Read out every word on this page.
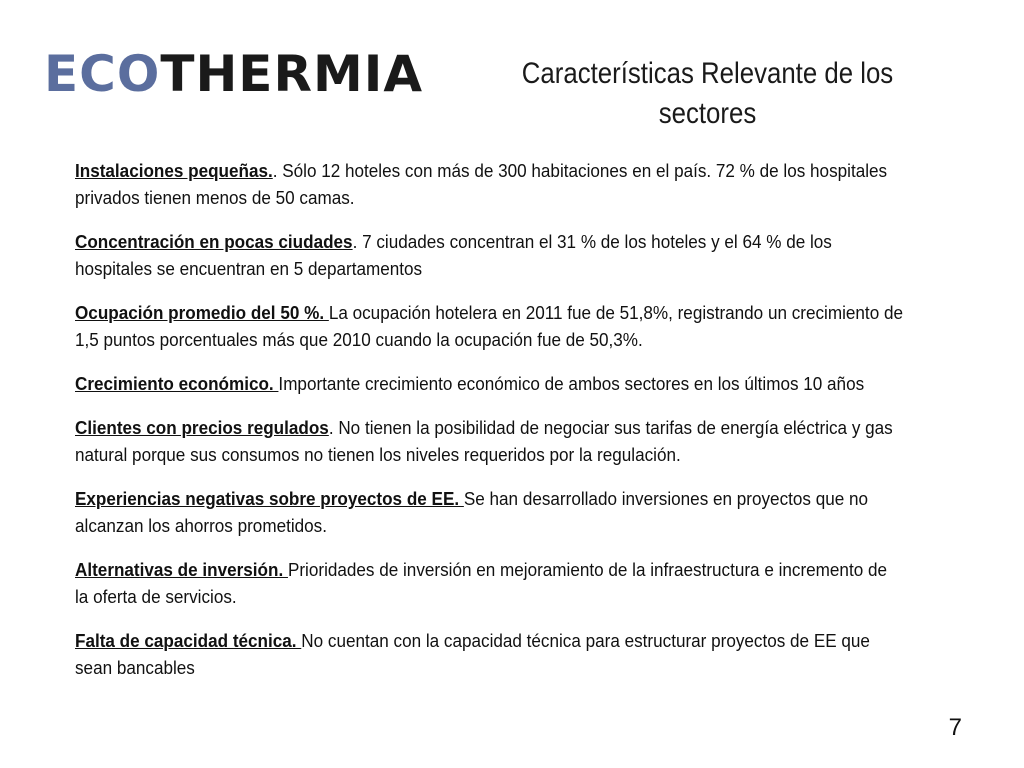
ECO THERMIA	Características Relevante de los
sectores

Instalaciones pequeñas.. Sólo 12 hoteles con más de 300 habitaciones en el país. 72 % de los hospitales privados tienen menos de 50 camas.

Concentración en pocas ciudades. 7 ciudades concentran el 31 % de los hoteles y el 64 % de los hospitales se encuentran en 5 departamentos

Ocupación promedio del 50 %. La ocupación hotelera en 2011 fue de 51,8%, registrando un crecimiento de 1,5 puntos porcentuales más que 2010 cuando la ocupación fue de 50,3%.

Crecimiento económico. Importante crecimiento económico de ambos sectores en los últimos 10 años

Clientes con precios regulados. No tienen la posibilidad de negociar sus tarifas de energía eléctrica y gas natural porque sus consumos no tienen los niveles requeridos por la regulación.

Experiencias negativas sobre proyectos de EE. Se han desarrollado inversiones en proyectos que no alcanzan los ahorros prometidos.

Alternativas de inversión. Prioridades de inversión en mejoramiento de la infraestructura e incremento de la oferta de servicios.

Falta de capacidad técnica. No cuentan con la capacidad técnica para estructurar proyectos de EE que sean bancables

7
